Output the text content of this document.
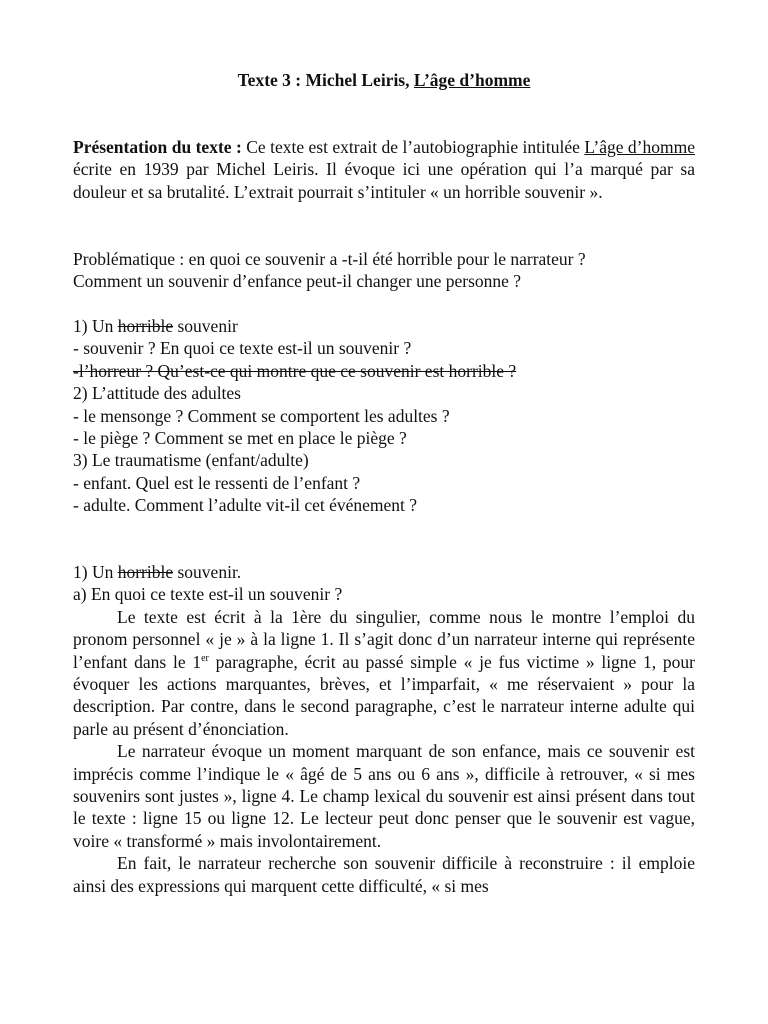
Texte 3 : Michel Leiris, L’âge d’homme

Présentation du texte : Ce texte est extrait de l’autobiographie intitulée L’âge d’homme écrite en 1939 par Michel Leiris. Il évoque ici une opération qui l’a marqué par sa douleur et sa brutalité. L’extrait pourrait s’intituler « un horrible souvenir ».

Problématique : en quoi ce souvenir a -t-il été horrible pour le narrateur ?

Comment un souvenir d’enfance peut-il changer une personne ?

1) Un horrible souvenir

- souvenir ? En quoi ce texte est-il un souvenir ?

-l’horreur ? Qu’est-ce qui montre que ce souvenir est horrible ?

2) L’attitude des adultes

- le mensonge ? Comment se comportent les adultes ?

- le piège ? Comment se met en place le piège ?

3) Le traumatisme (enfant/adulte)

- enfant. Quel est le ressenti de l’enfant ?

- adulte. Comment l’adulte vit-il cet événement ?

1) Un horrible souvenir.

a) En quoi ce texte est-il un souvenir ?

Le texte est écrit à la 1ère du singulier, comme nous le montre l’emploi du pronom personnel « je » à la ligne 1. Il s’agit donc d’un narrateur interne qui représente l’enfant dans le 1er paragraphe, écrit au passé simple « je fus victime » ligne 1, pour évoquer les actions marquantes, brèves, et l’imparfait, « me réservaient » pour la description. Par contre, dans le second paragraphe, c’est le narrateur interne adulte qui parle au présent d’énonciation.

Le narrateur évoque un moment marquant de son enfance, mais ce souvenir est imprécis comme l’indique le « âgé de 5 ans ou 6 ans », difficile à retrouver, « si mes souvenirs sont justes », ligne 4. Le champ lexical du souvenir est ainsi présent dans tout le texte : ligne 15 ou ligne 12. Le lecteur peut donc penser que le souvenir est vague, voire « transformé » mais involontairement.

En fait, le narrateur recherche son souvenir difficile à reconstruire : il emploie ainsi des expressions qui marquent cette difficulté, « si mes
